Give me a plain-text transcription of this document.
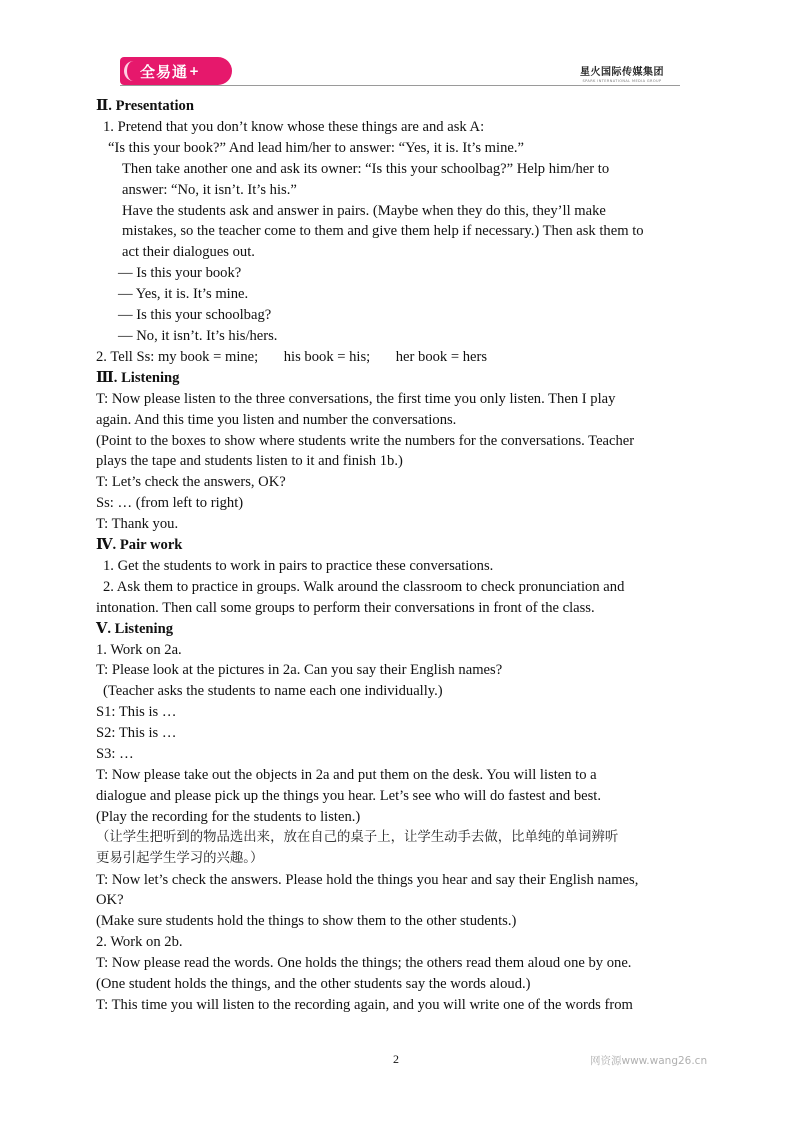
全易通 +	星火国际传媒集团
SPARK INTERNATIONAL MEDIA GROUP

Ⅱ. Presentation

1. Pretend that you don’t know whose these things are and ask A:

“Is this your book?” And lead him/her to answer: “Yes, it is. It’s mine.”

Then take another one and ask its owner: “Is this your schoolbag?” Help him/her to

answer: “No, it isn’t. It’s his.”

Have the students ask and answer in pairs. (Maybe when they do this, they’ll make

mistakes, so the teacher come to them and give them help if necessary.) Then ask them to

act their dialogues out.

— Is this your book?

— Yes, it is. It’s mine.

— Is this your schoolbag?

— No, it isn’t. It’s his/hers.

2. Tell Ss: my book = mine;       his book = his;       her book = hers

Ⅲ. Listening

T: Now please listen to the three conversations, the first time you only listen. Then I play

again. And this time you listen and number the conversations.

(Point to the boxes to show where students write the numbers for the conversations. Teacher

plays the tape and students listen to it and finish 1b.)

T: Let’s check the answers, OK?

Ss: … (from left to right)

T: Thank you.

Ⅳ. Pair work

1. Get the students to work in pairs to practice these conversations.

2. Ask them to practice in groups. Walk around the classroom to check pronunciation and

intonation. Then call some groups to perform their conversations in front of the class.

Ⅴ. Listening

1. Work on 2a.

T: Please look at the pictures in 2a. Can you say their English names?

(Teacher asks the students to name each one individually.)

S1: This is …

S2: This is …

S3: …

T: Now please take out the objects in 2a and put them on the desk. You will listen to a

dialogue and please pick up the things you hear. Let’s see who will do fastest and best.

(Play the recording for the students to listen.)

（让学生把听到的物品选出来，放在自己的桌子上，让学生动手去做，比单纯的单词辨听

更易引起学生学习的兴趣。）

T: Now let’s check the answers. Please hold the things you hear and say their English names,

OK?

(Make sure students hold the things to show them to the other students.)

2. Work on 2b.

T: Now please read the words. One holds the things; the others read them aloud one by one.

(One student holds the things, and the other students say the words aloud.)

T: This time you will listen to the recording again, and you will write one of the words from

2	网资源www.wang26.cn
